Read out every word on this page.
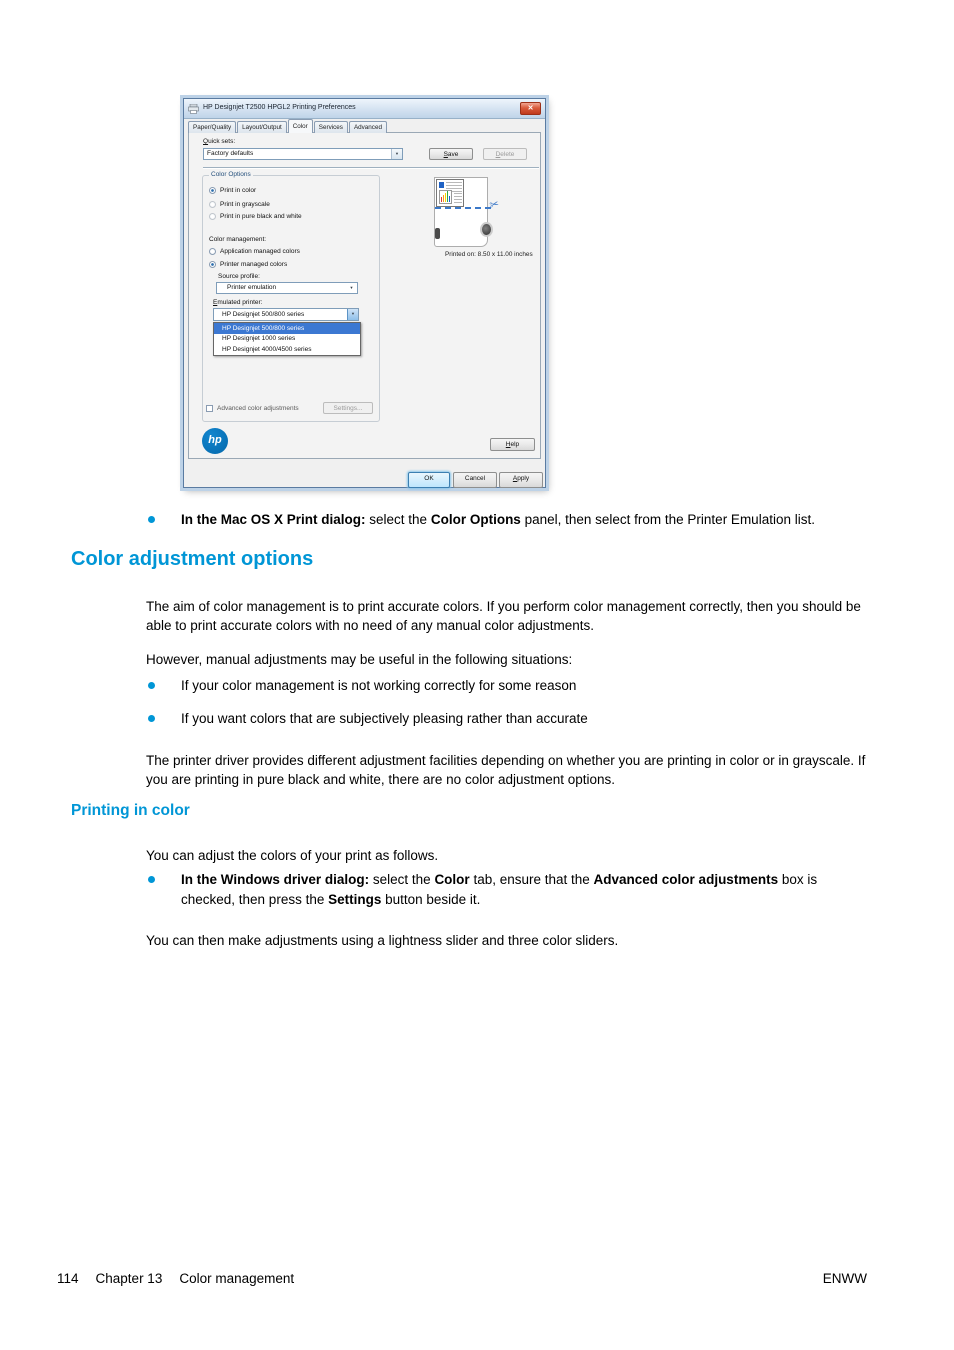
HP Designjet T2500 HPGL2 Printing Preferences	✕
Paper/Quality	Layout/Output	Color	Services	Advanced
Quick sets:
Factory defaults	▼	Save	Delete
Color Options
Print in color
Print in grayscale
Print in pure black and white
Color management:
Application managed colors
Printer managed colors
Source profile:
Printer emulation	▼
Emulated printer:
HP Designjet 500/800 series	▼
HP Designjet 500/800 series
HP Designjet 1000 series
HP Designjet 4000/4500 series
Advanced color adjustments	Settings...
✂
Printed on: 8.50 x 11.00 inches
hp	Help
OK	Cancel	Apply
In the Mac OS X Print dialog: select the Color Options panel, then select from the Printer Emulation list.
Color adjustment options

The aim of color management is to print accurate colors. If you perform color management correctly, then you should be able to print accurate colors with no need of any manual color adjustments.

However, manual adjustments may be useful in the following situations:

If your color management is not working correctly for some reason
If you want colors that are subjectively pleasing rather than accurate

The printer driver provides different adjustment facilities depending on whether you are printing in color or in grayscale. If you are printing in pure black and white, there are no color adjustment options.

Printing in color

You can adjust the colors of your print as follows.

In the Windows driver dialog: select the Color tab, ensure that the Advanced color adjustments box is checked, then press the Settings button beside it.

You can then make adjustments using a lightness slider and three color sliders.

114 Chapter 13 Color management	ENWW
